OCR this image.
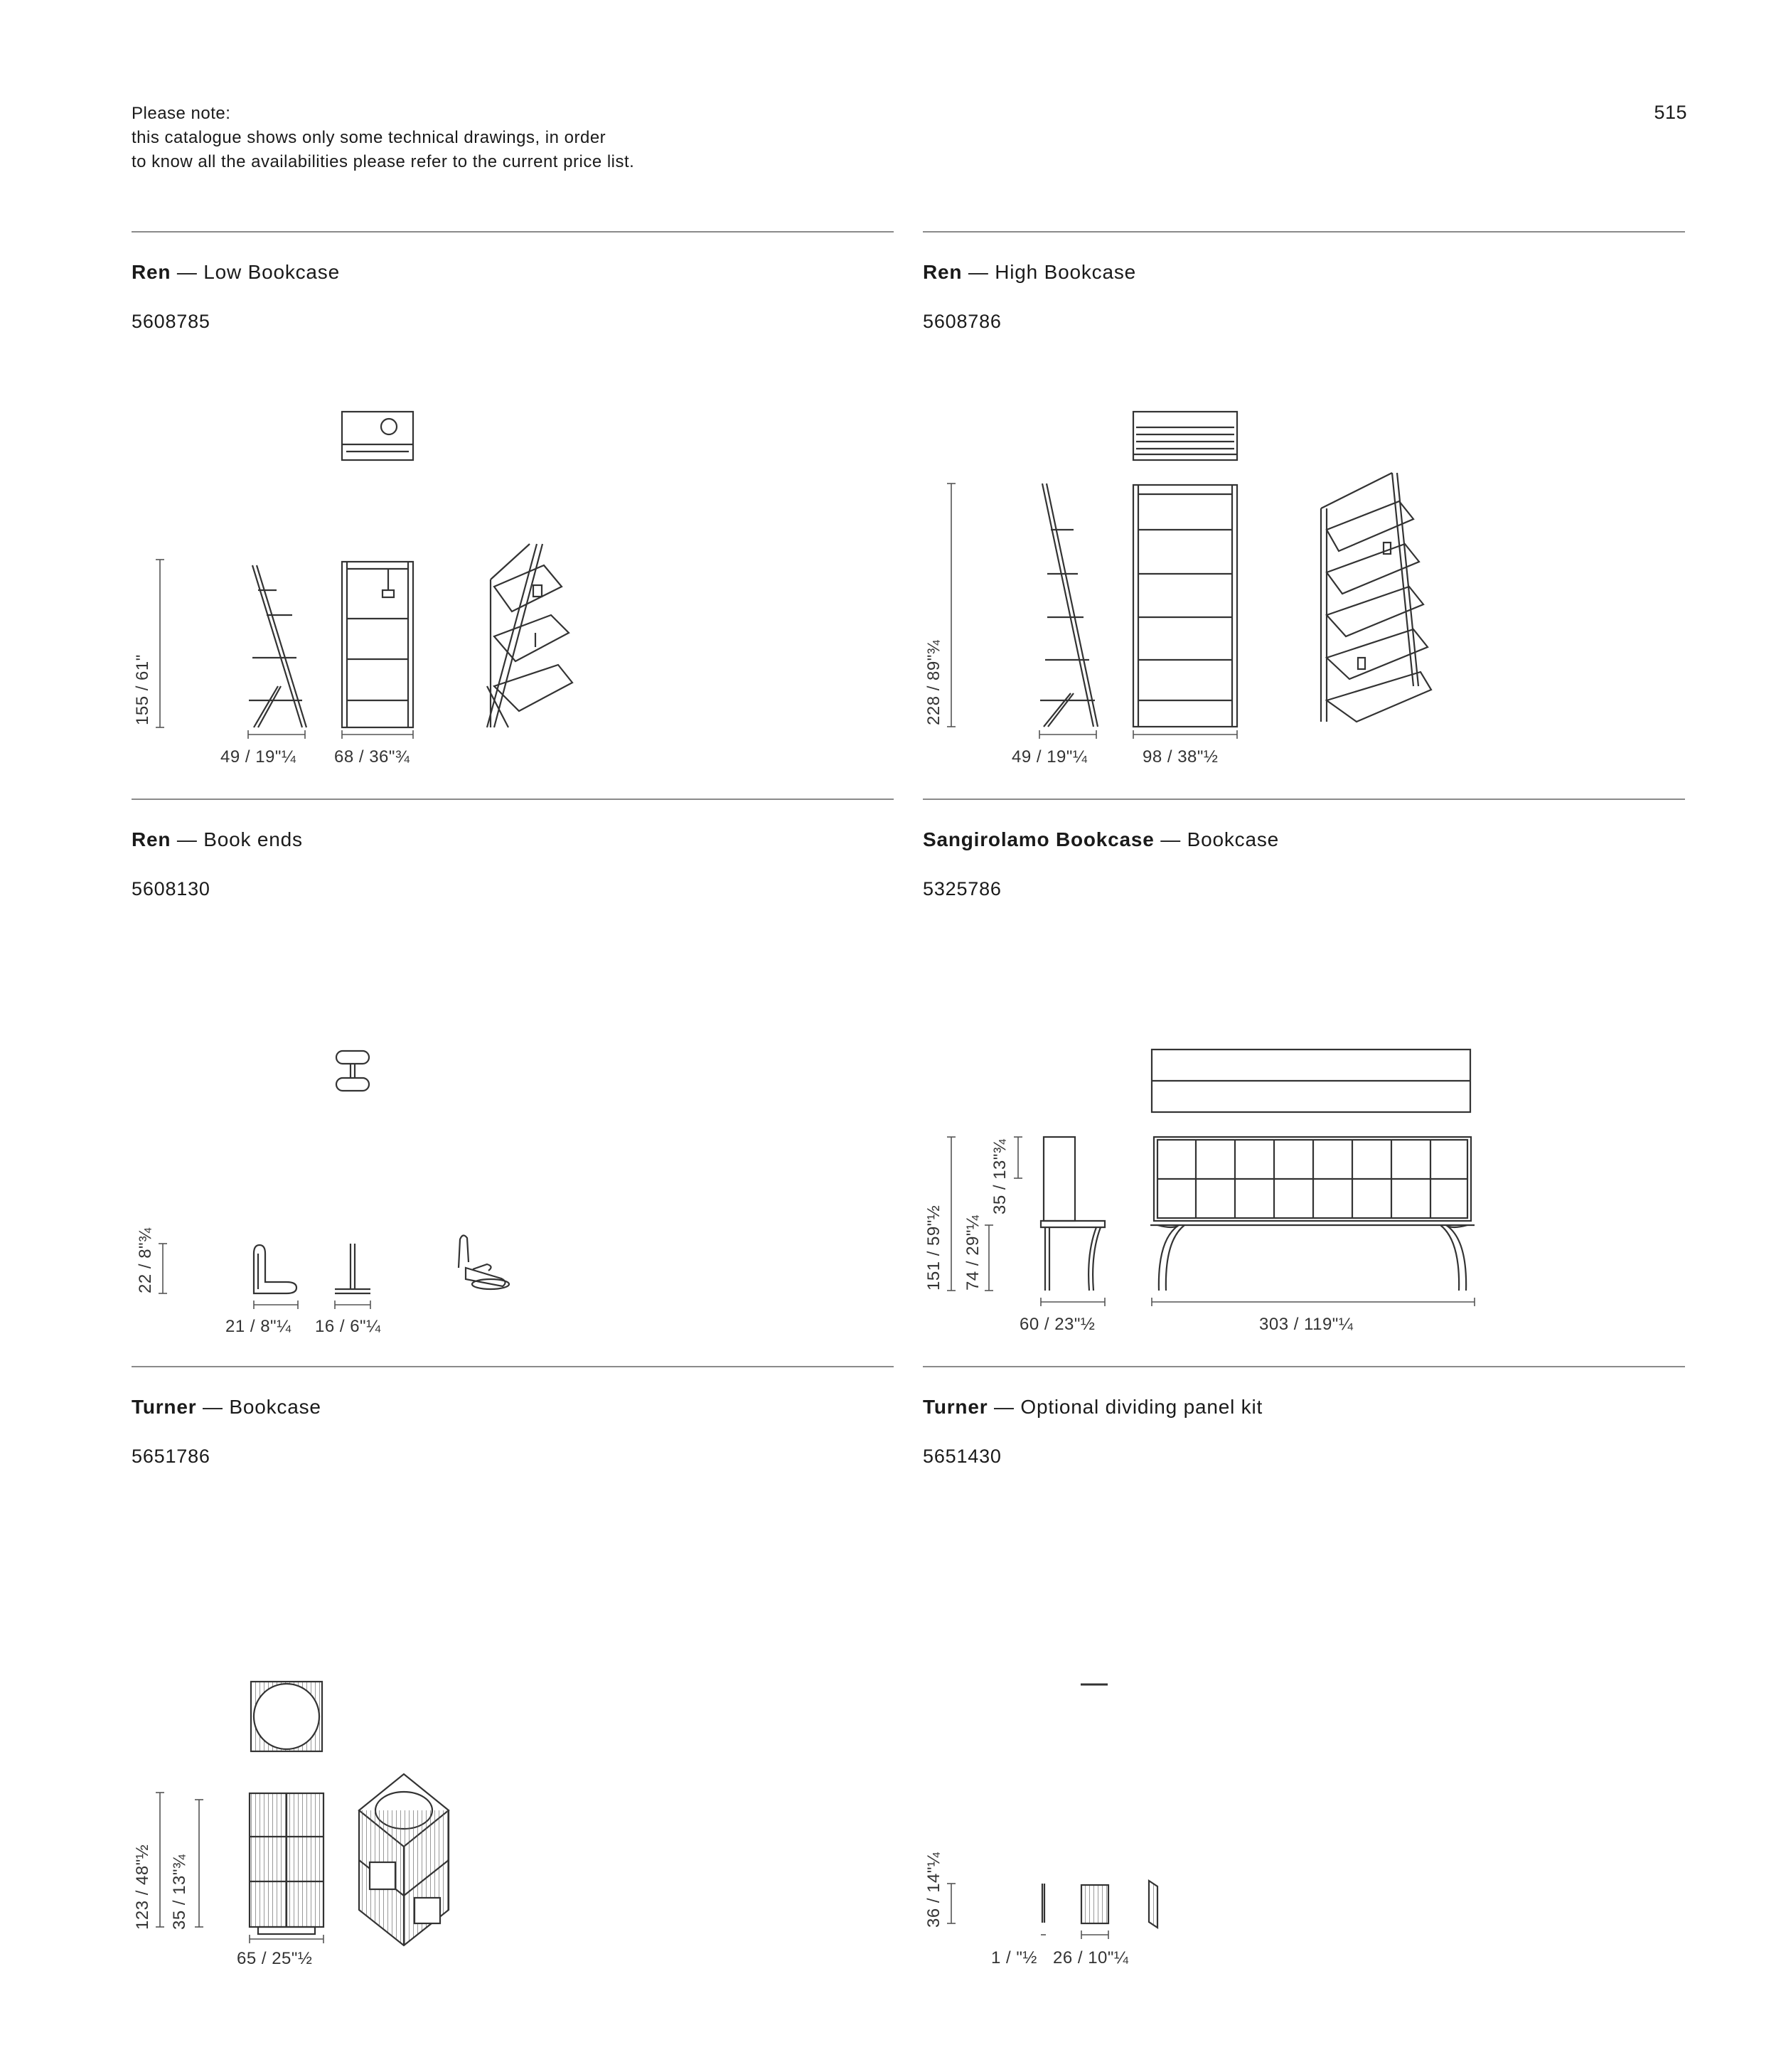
Please note:
this catalogue shows only some technical drawings, in order
to know all the availabilities please refer to the current price list.
515
Ren — Low Bookcase
5608785
155 / 61"
49 / 19"¼ 68 / 36"¾
Ren — High Bookcase
5608786
228 / 89"¾
49 / 19"¼	98 / 38"½
Ren — Book ends
5608130
22 / 8"¾
21 / 8"¼ 16 / 6"¼
Sangirolamo Bookcase — Bookcase
5325786
151 / 59"½ 74 / 29"¼
35 / 13"¾
60 / 23"½	303 / 119"¼
Turner — Bookcase
5651786
123 / 48"½ 35 / 13"¾
65 / 25"½
Turner — Optional dividing panel kit
5651430
36 / 14"¼
1 / "½ 26 / 10"¼
